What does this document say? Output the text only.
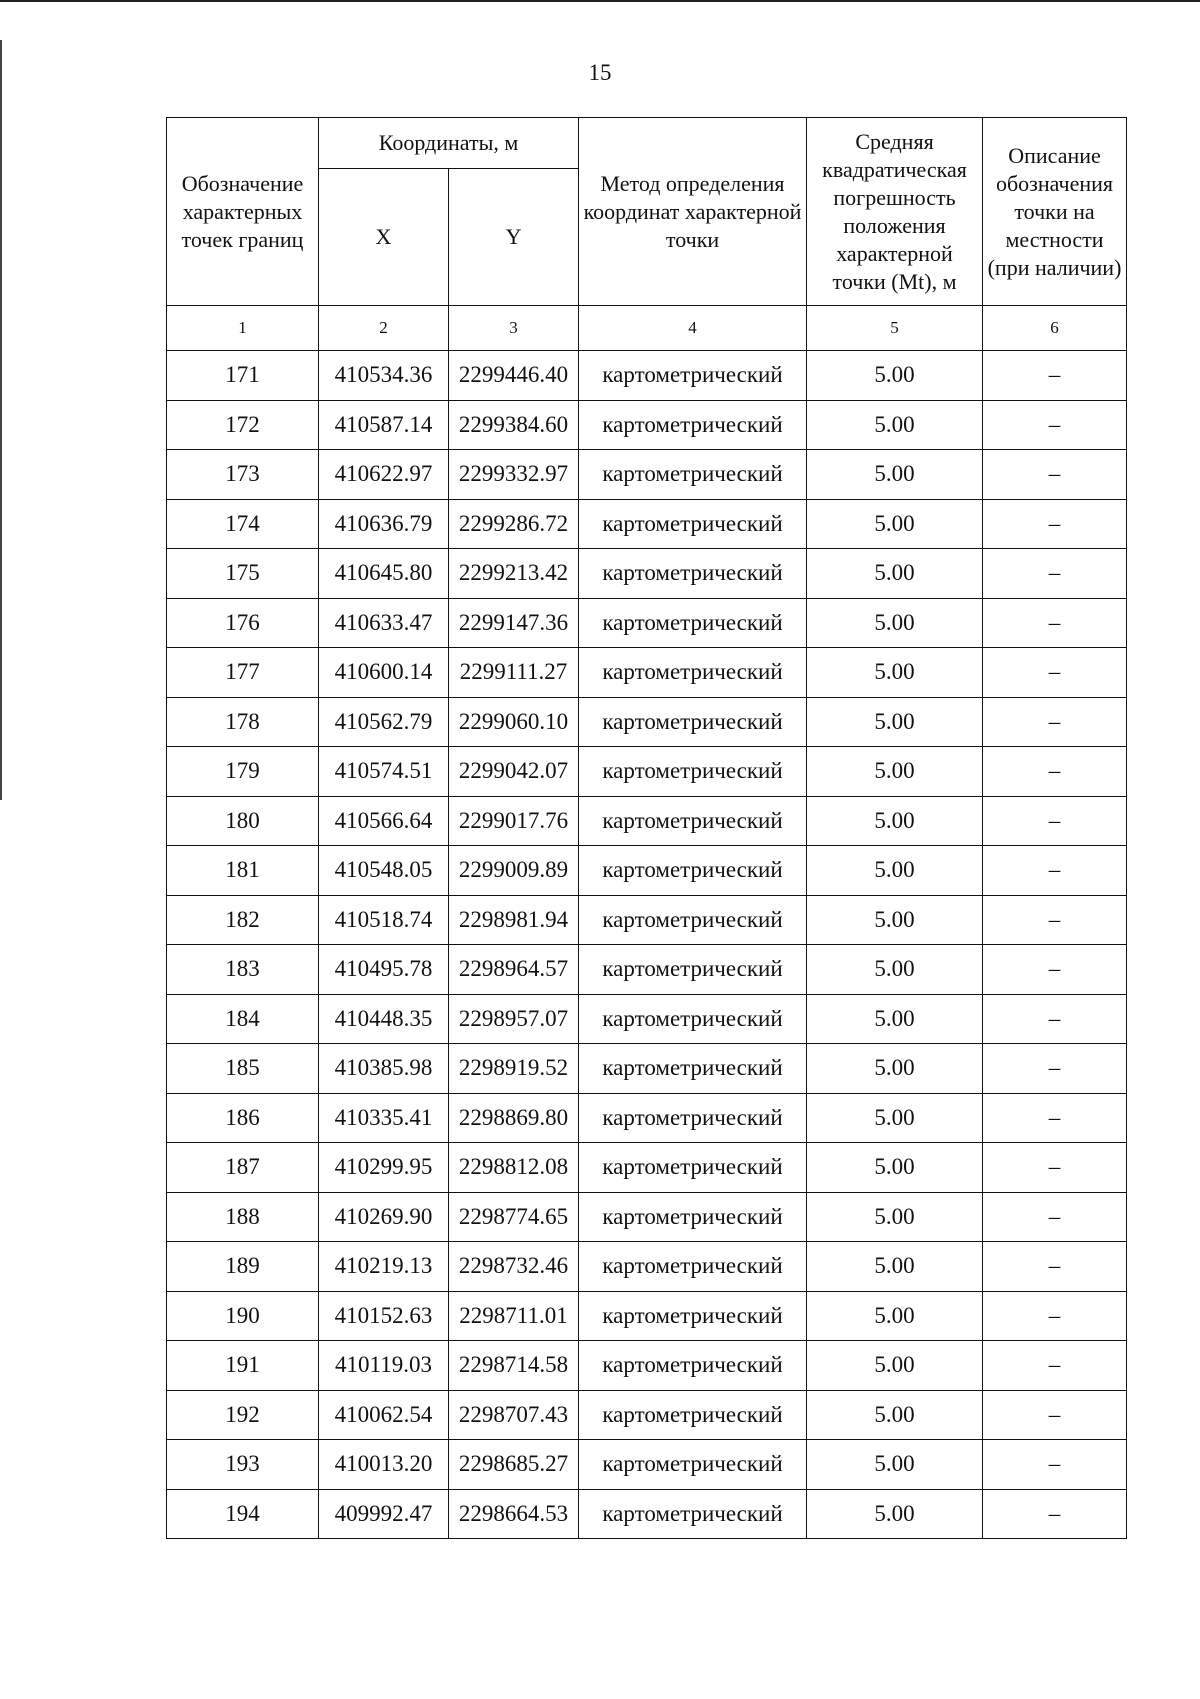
15
Обозначение характерных точек границ	Координаты, м		Метод определения координат характерной точки	Средняя квадратическая погрешность положения характерной точки (Mt), м	Описание обозначения точки на местности (при наличии)
	X	Y			
1	2	3	4	5	6
171	410534.36	2299446.40	картометрический	5.00	–
172	410587.14	2299384.60	картометрический	5.00	–
173	410622.97	2299332.97	картометрический	5.00	–
174	410636.79	2299286.72	картометрический	5.00	–
175	410645.80	2299213.42	картометрический	5.00	–
176	410633.47	2299147.36	картометрический	5.00	–
177	410600.14	2299111.27	картометрический	5.00	–
178	410562.79	2299060.10	картометрический	5.00	–
179	410574.51	2299042.07	картометрический	5.00	–
180	410566.64	2299017.76	картометрический	5.00	–
181	410548.05	2299009.89	картометрический	5.00	–
182	410518.74	2298981.94	картометрический	5.00	–
183	410495.78	2298964.57	картометрический	5.00	–
184	410448.35	2298957.07	картометрический	5.00	–
185	410385.98	2298919.52	картометрический	5.00	–
186	410335.41	2298869.80	картометрический	5.00	–
187	410299.95	2298812.08	картометрический	5.00	–
188	410269.90	2298774.65	картометрический	5.00	–
189	410219.13	2298732.46	картометрический	5.00	–
190	410152.63	2298711.01	картометрический	5.00	–
191	410119.03	2298714.58	картометрический	5.00	–
192	410062.54	2298707.43	картометрический	5.00	–
193	410013.20	2298685.27	картометрический	5.00	–
194	409992.47	2298664.53	картометрический	5.00	–
